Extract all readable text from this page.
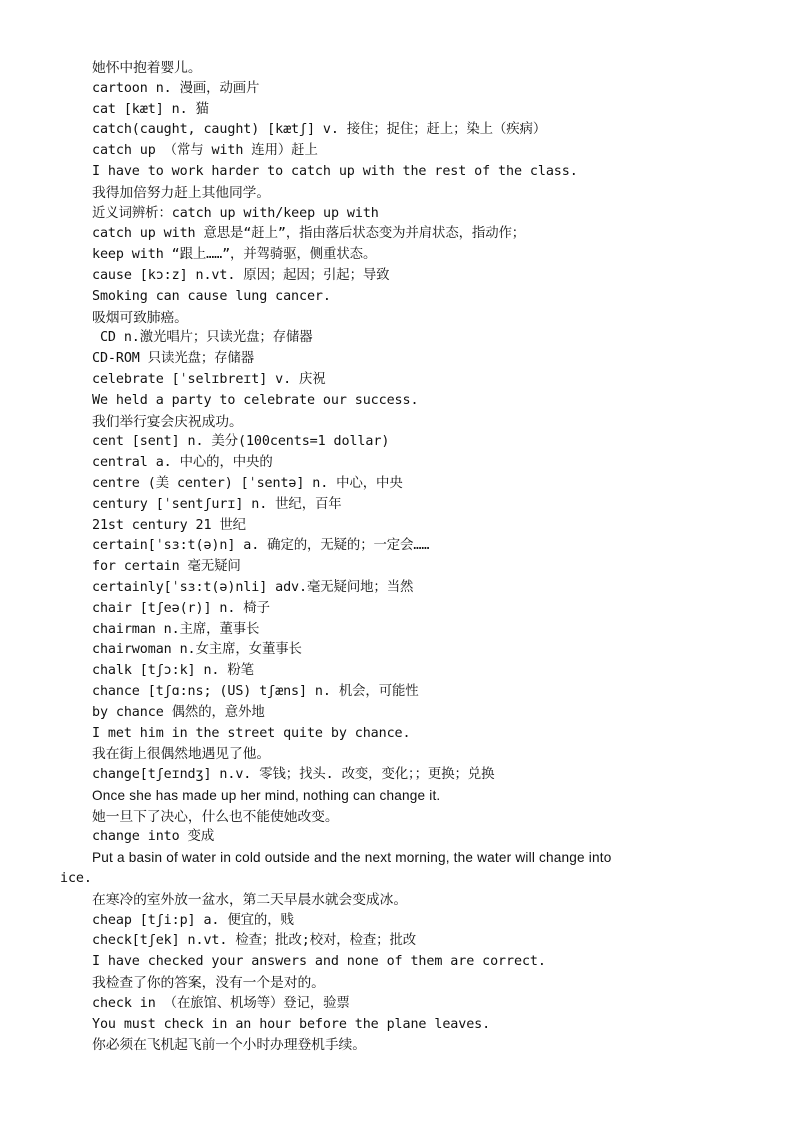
她怀中抱着婴儿。
cartoon n. 漫画，动画片
cat [kæt] n. 猫
catch(caught, caught) [kætʃ] v. 接住；捉住；赶上；染上（疾病）
catch up （常与 with 连用）赶上
I have to work harder to catch up with the rest of the class.
我得加倍努力赶上其他同学。
近义词辨析：catch up with/keep up with
catch up with 意思是“赶上”，指由落后状态变为并肩状态，指动作；
keep with “跟上……”，并驾骑驱，侧重状态。
cause [kɔ:z] n.vt. 原因；起因；引起；导致
Smoking can cause lung cancer.
吸烟可致肺癌。
CD n.激光唱片；只读光盘；存储器
CD-ROM 只读光盘；存储器
celebrate [ˈselɪbreɪt] v. 庆祝
We held a party to celebrate our success.
我们举行宴会庆祝成功。
cent [sent] n. 美分(100cents=1 dollar)
central a. 中心的，中央的
centre (美 center) [ˈsentə] n. 中心，中央
century [ˈsentʃurɪ] n. 世纪，百年
21st century 21 世纪
certain[ˈsɜ:t(ə)n] a. 确定的，无疑的；一定会……
for certain 毫无疑问
certainly[ˈsɜ:t(ə)nli] adv.毫无疑问地；当然
chair [tʃeə(r)] n. 椅子
chairman n.主席，董事长
chairwoman n.女主席，女董事长
chalk [tʃɔ:k] n. 粉笔
chance [tʃɑ:ns; (US) tʃæns] n. 机会，可能性
by chance 偶然的，意外地
I met him in the street quite by chance.
我在街上很偶然地遇见了他。
change[tʃeɪndʒ] n.v. 零钱；找头. 改变，变化；；更换；兑换
Once she has made up her mind, nothing can change it.
她一旦下了决心，什么也不能使她改变。
change into 变成
Put a basin of water in cold outside and the next morning, the water will change into
ice.
在寒冷的室外放一盆水，第二天早晨水就会变成冰。
cheap [tʃi:p] a. 便宜的，贱
check[tʃek] n.vt. 检查；批改;校对，检查；批改
I have checked your answers and none of them are correct.
我检查了你的答案，没有一个是对的。
check in （在旅馆、机场等）登记，验票
You must check in an hour before the plane leaves.
你必须在飞机起飞前一个小时办理登机手续。
